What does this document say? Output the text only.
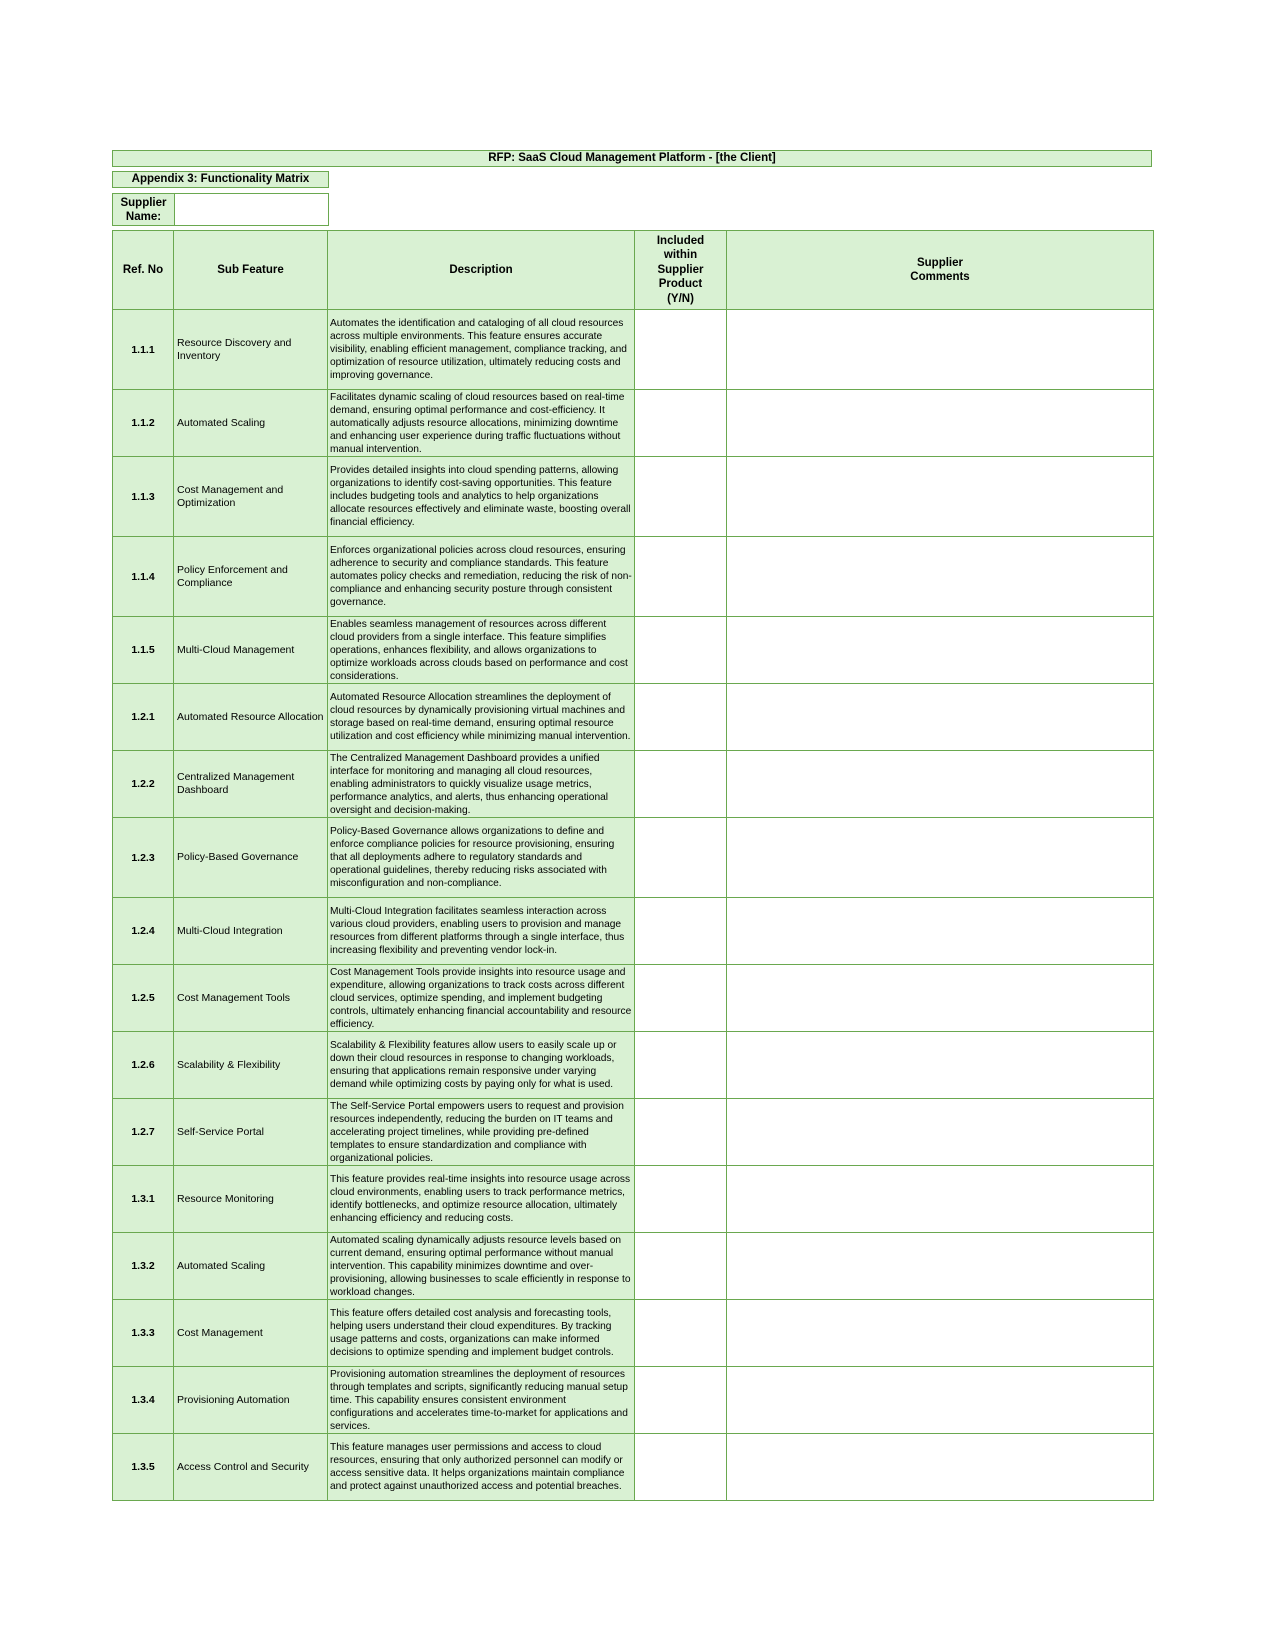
RFP: SaaS Cloud Management Platform - [the Client]
Appendix 3: Functionality Matrix
Supplier Name:
Ref. No	Sub Feature	Description	Included within Supplier Product (Y/N)	Supplier Comments
1.1.1	Resource Discovery and Inventory	Automates the identification and cataloging of all cloud resources across multiple environments. This feature ensures accurate visibility, enabling efficient management, compliance tracking, and optimization of resource utilization, ultimately reducing costs and improving governance.		
1.1.2	Automated Scaling	Facilitates dynamic scaling of cloud resources based on real-time demand, ensuring optimal performance and cost-efficiency. It automatically adjusts resource allocations, minimizing downtime and enhancing user experience during traffic fluctuations without manual intervention.		
1.1.3	Cost Management and Optimization	Provides detailed insights into cloud spending patterns, allowing organizations to identify cost-saving opportunities. This feature includes budgeting tools and analytics to help organizations allocate resources effectively and eliminate waste, boosting overall financial efficiency.		
1.1.4	Policy Enforcement and Compliance	Enforces organizational policies across cloud resources, ensuring adherence to security and compliance standards. This feature automates policy checks and remediation, reducing the risk of non-compliance and enhancing security posture through consistent governance.		
1.1.5	Multi-Cloud Management	Enables seamless management of resources across different cloud providers from a single interface. This feature simplifies operations, enhances flexibility, and allows organizations to optimize workloads across clouds based on performance and cost considerations.		
1.2.1	Automated Resource Allocation	Automated Resource Allocation streamlines the deployment of cloud resources by dynamically provisioning virtual machines and storage based on real-time demand, ensuring optimal resource utilization and cost efficiency while minimizing manual intervention.		
1.2.2	Centralized Management Dashboard	The Centralized Management Dashboard provides a unified interface for monitoring and managing all cloud resources, enabling administrators to quickly visualize usage metrics, performance analytics, and alerts, thus enhancing operational oversight and decision-making.		
1.2.3	Policy-Based Governance	Policy-Based Governance allows organizations to define and enforce compliance policies for resource provisioning, ensuring that all deployments adhere to regulatory standards and operational guidelines, thereby reducing risks associated with misconfiguration and non-compliance.		
1.2.4	Multi-Cloud Integration	Multi-Cloud Integration facilitates seamless interaction across various cloud providers, enabling users to provision and manage resources from different platforms through a single interface, thus increasing flexibility and preventing vendor lock-in.		
1.2.5	Cost Management Tools	Cost Management Tools provide insights into resource usage and expenditure, allowing organizations to track costs across different cloud services, optimize spending, and implement budgeting controls, ultimately enhancing financial accountability and resource efficiency.		
1.2.6	Scalability & Flexibility	Scalability & Flexibility features allow users to easily scale up or down their cloud resources in response to changing workloads, ensuring that applications remain responsive under varying demand while optimizing costs by paying only for what is used.		
1.2.7	Self-Service Portal	The Self-Service Portal empowers users to request and provision resources independently, reducing the burden on IT teams and accelerating project timelines, while providing pre-defined templates to ensure standardization and compliance with organizational policies.		
1.3.1	Resource Monitoring	This feature provides real-time insights into resource usage across cloud environments, enabling users to track performance metrics, identify bottlenecks, and optimize resource allocation, ultimately enhancing efficiency and reducing costs.		
1.3.2	Automated Scaling	Automated scaling dynamically adjusts resource levels based on current demand, ensuring optimal performance without manual intervention. This capability minimizes downtime and over-provisioning, allowing businesses to scale efficiently in response to workload changes.		
1.3.3	Cost Management	This feature offers detailed cost analysis and forecasting tools, helping users understand their cloud expenditures. By tracking usage patterns and costs, organizations can make informed decisions to optimize spending and implement budget controls.		
1.3.4	Provisioning Automation	Provisioning automation streamlines the deployment of resources through templates and scripts, significantly reducing manual setup time. This capability ensures consistent environment configurations and accelerates time-to-market for applications and services.		
1.3.5	Access Control and Security	This feature manages user permissions and access to cloud resources, ensuring that only authorized personnel can modify or access sensitive data. It helps organizations maintain compliance and protect against unauthorized access and potential breaches.		
